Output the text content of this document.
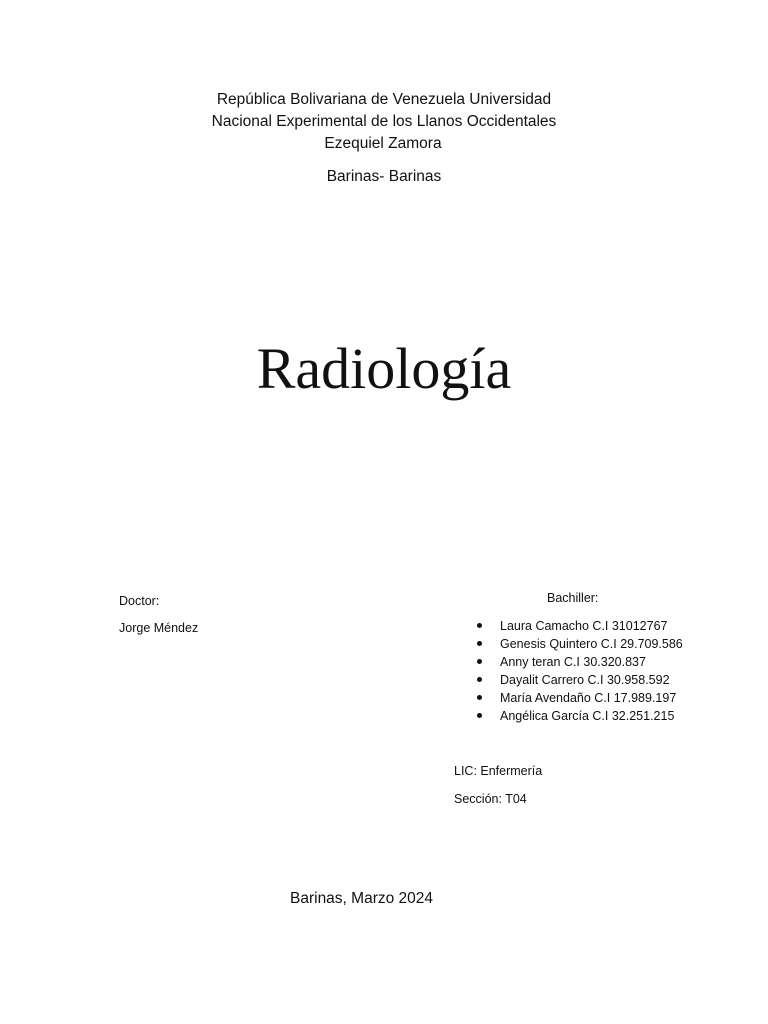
República Bolivariana de Venezuela Universidad
Nacional Experimental de los Llanos Occidentales
Ezequiel Zamora
Barinas- Barinas
Radiología
Doctor:
Jorge Méndez
Bachiller:
Laura Camacho C.I 31012767
Genesis Quintero C.I 29.709.586
Anny teran C.I 30.320.837
Dayalit Carrero C.I 30.958.592
María Avendaño C.I 17.989.197
Angélica García C.I 32.251.215
LIC: Enfermería
Sección: T04
Barinas, Marzo 2024
